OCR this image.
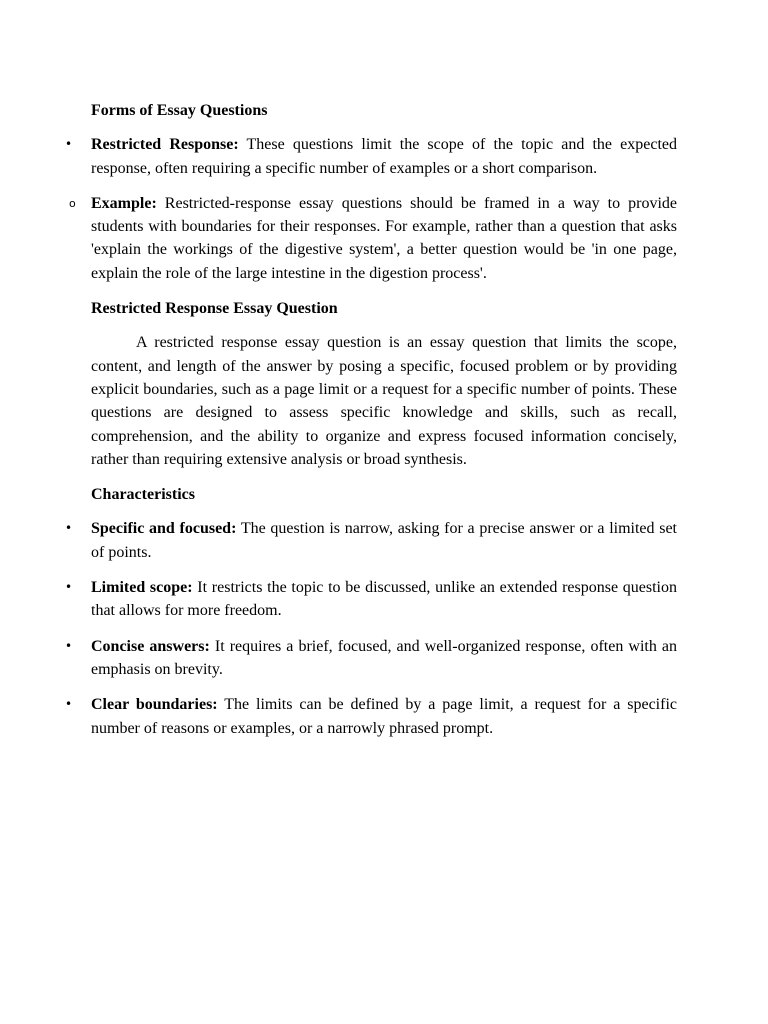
Forms of Essay Questions
•	Restricted Response: These questions limit the scope of the topic and the expected response, often requiring a specific number of examples or a short comparison.
o Example: Restricted-response essay questions should be framed in a way to provide students with boundaries for their responses. For example, rather than a question that asks 'explain the workings of the digestive system', a better question would be 'in one page, explain the role of the large intestine in the digestion process'.
Restricted Response Essay Question
A restricted response essay question is an essay question that limits the scope, content, and length of the answer by posing a specific, focused problem or by providing explicit boundaries, such as a page limit or a request for a specific number of points. These questions are designed to assess specific knowledge and skills, such as recall, comprehension, and the ability to organize and express focused information concisely, rather than requiring extensive analysis or broad synthesis.
Characteristics
•	Specific and focused: The question is narrow, asking for a precise answer or a limited set of points.
•	Limited scope: It restricts the topic to be discussed, unlike an extended response question that allows for more freedom.
•	Concise answers: It requires a brief, focused, and well-organized response, often with an emphasis on brevity.
•	Clear boundaries: The limits can be defined by a page limit, a request for a specific number of reasons or examples, or a narrowly phrased prompt.
